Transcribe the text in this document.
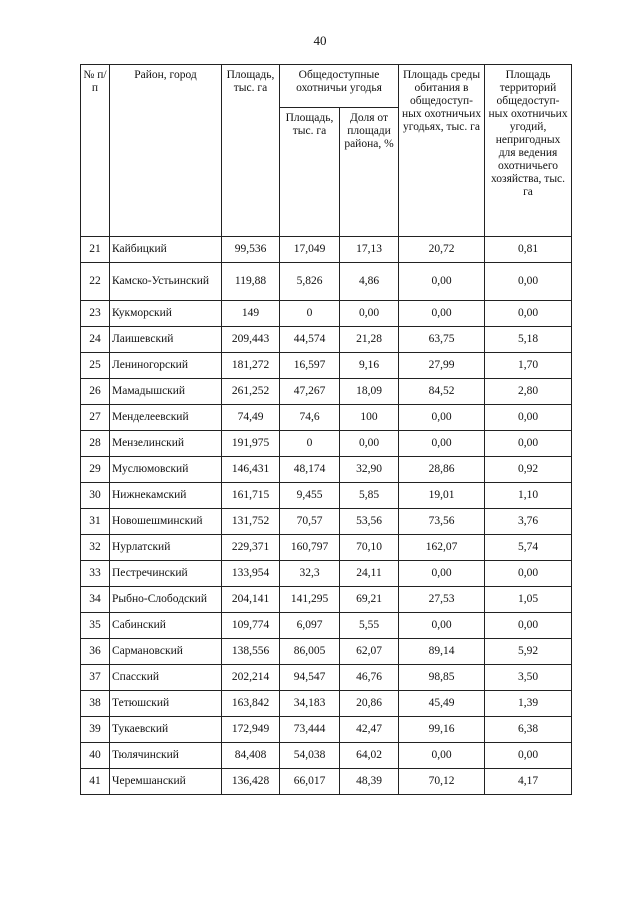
40
№ п/п	Район, город	Площадь, тыс. га	Общедоступные охотничьи угодья		Площадь среды обитания в общедоступ-ных охотничьих угодьях, тыс. га	Площадь территорий общедоступ-ных охотничьих угодий, непригодных для ведения охотничьего хозяйства, тыс. га
			Площадь, тыс. га	Доля от площади района, %		
21	Кайбицкий	99,536	17,049	17,13	20,72	0,81
22	Камско-Устьинский	119,88	5,826	4,86	0,00	0,00
23	Кукморский	149	0	0,00	0,00	0,00
24	Лаишевский	209,443	44,574	21,28	63,75	5,18
25	Лениногорский	181,272	16,597	9,16	27,99	1,70
26	Мамадышский	261,252	47,267	18,09	84,52	2,80
27	Менделеевский	74,49	74,6	100	0,00	0,00
28	Мензелинский	191,975	0	0,00	0,00	0,00
29	Муслюмовский	146,431	48,174	32,90	28,86	0,92
30	Нижнекамский	161,715	9,455	5,85	19,01	1,10
31	Новошешминский	131,752	70,57	53,56	73,56	3,76
32	Нурлатский	229,371	160,797	70,10	162,07	5,74
33	Пестречинский	133,954	32,3	24,11	0,00	0,00
34	Рыбно-Слободский	204,141	141,295	69,21	27,53	1,05
35	Сабинский	109,774	6,097	5,55	0,00	0,00
36	Сармановский	138,556	86,005	62,07	89,14	5,92
37	Спасский	202,214	94,547	46,76	98,85	3,50
38	Тетюшский	163,842	34,183	20,86	45,49	1,39
39	Тукаевский	172,949	73,444	42,47	99,16	6,38
40	Тюлячинский	84,408	54,038	64,02	0,00	0,00
41	Черемшанский	136,428	66,017	48,39	70,12	4,17
